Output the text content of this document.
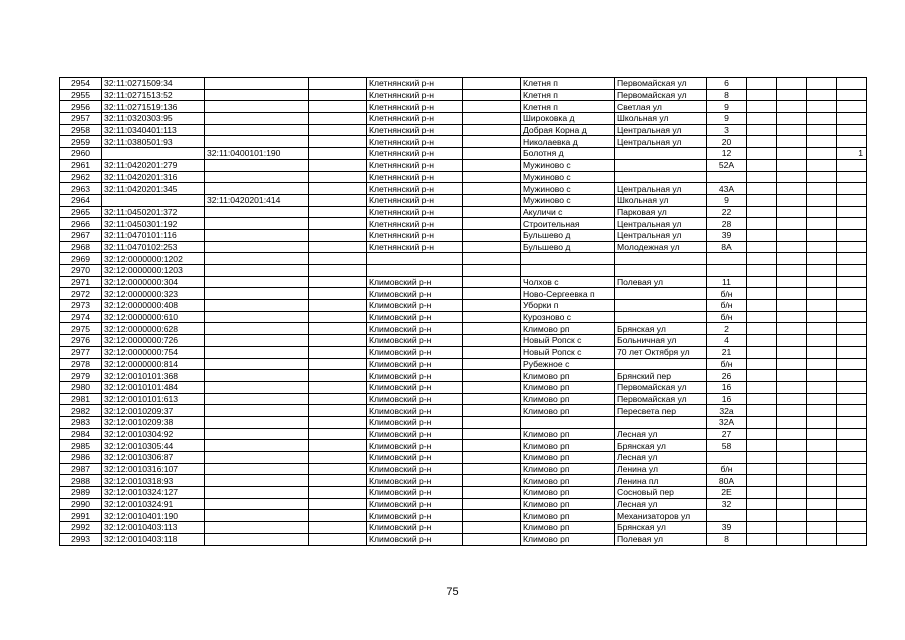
2954	32:11:0271509:34			Клетнянский р-н		Клетня п	Первомайская ул	6				
2955	32:11:0271513:52			Клетнянский р-н		Клетня п	Первомайская ул	8				
2956	32:11:0271519:136			Клетнянский р-н		Клетня п	Светлая ул	9				
2957	32:11:0320303:95			Клетнянский р-н		Широковка д	Школьная ул	9				
2958	32:11:0340401:113			Клетнянский р-н		Добрая Корна д	Центральная ул	3				
2959	32:11:0380501:93			Клетнянский р-н		Николаевка д	Центральная ул	20				
2960		32:11:0400101:190		Клетнянский р-н		Болотня д		12				1
2961	32:11:0420201:279			Клетнянский р-н		Мужиново с		52А				
2962	32:11:0420201:316			Клетнянский р-н		Мужиново с						
2963	32:11:0420201:345			Клетнянский р-н		Мужиново с	Центральная ул	43А				
2964		32:11:0420201:414		Клетнянский р-н		Мужиново с	Школьная ул	9				
2965	32:11:0450201:372			Клетнянский р-н		Акуличи с	Парковая ул	22				
2966	32:11:0450301:192			Клетнянский р-н		Строительная	Центральная ул	28				
2967	32:11:0470101:116			Клетнянский р-н		Бульшево д	Центральная ул	39				
2968	32:11:0470102:253			Клетнянский р-н		Бульшево д	Молодежная ул	8А				
2969	32:12:0000000:1202											
2970	32:12:0000000:1203											
2971	32:12:0000000:304			Климовский р-н		Чолхов с	Полевая ул	11				
2972	32:12:0000000:323			Климовский р-н		Ново-Сергеевка п		б/н				
2973	32:12:0000000:408			Климовский р-н		Уборки п		б/н				
2974	32:12:0000000:610			Климовский р-н		Курозново с		б/н				
2975	32:12:0000000:628			Климовский р-н		Климово рп	Брянская ул	2				
2976	32:12:0000000:726			Климовский р-н		Новый Ропск с	Больничная ул	4				
2977	32:12:0000000:754			Климовский р-н		Новый Ропск с	70 лет Октября ул	21				
2978	32:12:0000000:814			Климовский р-н		Рубежное с		б/н				
2979	32:12:0010101:368			Климовский р-н		Климово рп	Брянский пер	26				
2980	32:12:0010101:484			Климовский р-н		Климово рп	Первомайская ул	16				
2981	32:12:0010101:613			Климовский р-н		Климово рп	Первомайская ул	16				
2982	32:12:0010209:37			Климовский р-н		Климово рп	Пересвета пер	32а				
2983	32:12:0010209:38			Климовский р-н				32А				
2984	32:12:0010304:92			Климовский р-н		Климово рп	Лесная ул	27				
2985	32:12:0010305:44			Климовский р-н		Климово рп	Брянская ул	58				
2986	32:12:0010306:87			Климовский р-н		Климово рп	Лесная ул					
2987	32:12:0010316:107			Климовский р-н		Климово рп	Ленина ул	б/н				
2988	32:12:0010318:93			Климовский р-н		Климово рп	Ленина пл	80А				
2989	32:12:0010324:127			Климовский р-н		Климово рп	Сосновый пер	2Е				
2990	32:12:0010324:91			Климовский р-н		Климово рп	Лесная ул	32				
2991	32:12:0010401:190			Климовский р-н		Климово рп	Механизаторов ул					
2992	32:12:0010403:113			Климовский р-н		Климово рп	Брянская ул	39				
2993	32:12:0010403:118			Климовский р-н		Климово рп	Полевая ул	8				
75
